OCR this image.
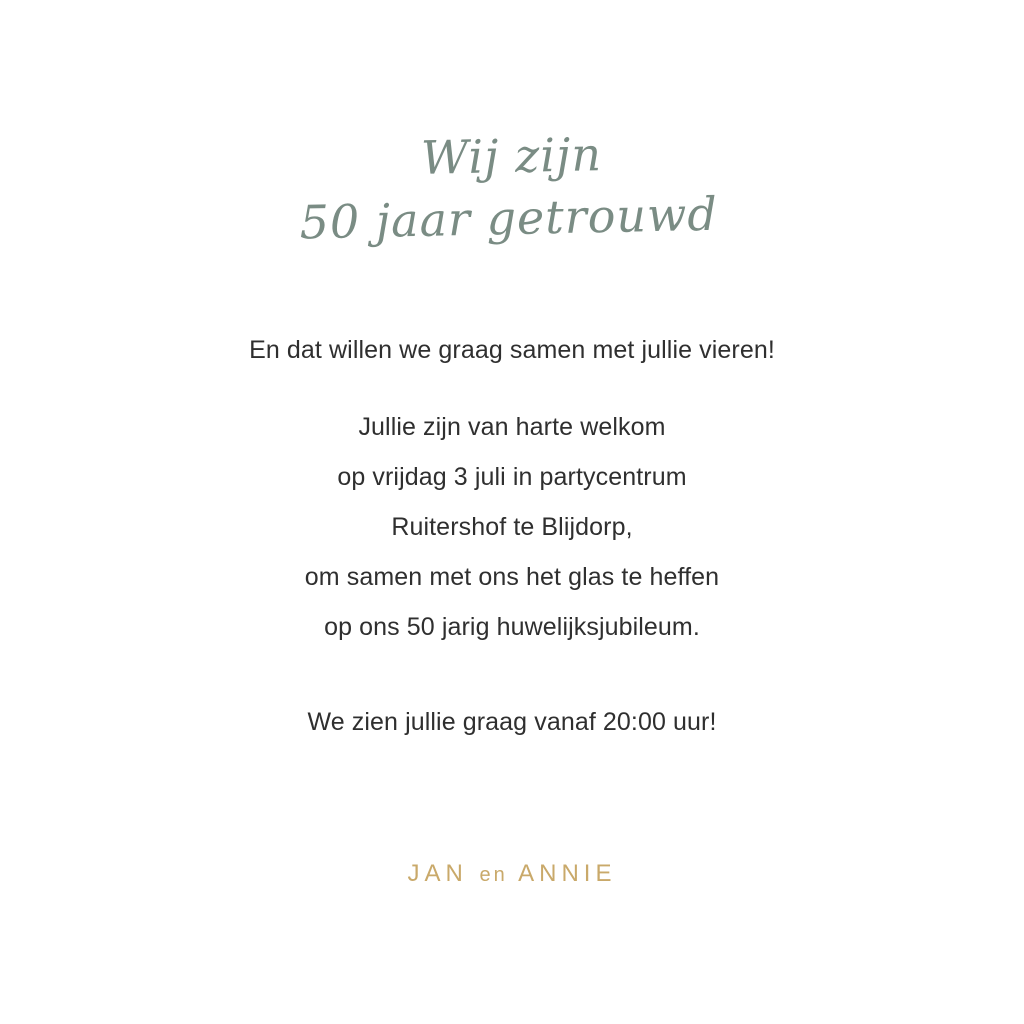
Wij zijn
50 jaar getrouwd

En dat willen we graag samen met jullie vieren!

Jullie zijn van harte welkom

op vrijdag 3 juli in partycentrum

Ruitershof te Blijdorp,

om samen met ons het glas te heffen

op ons 50 jarig huwelijksjubileum.

We zien jullie graag vanaf 20:00 uur!

JAN en ANNIE
